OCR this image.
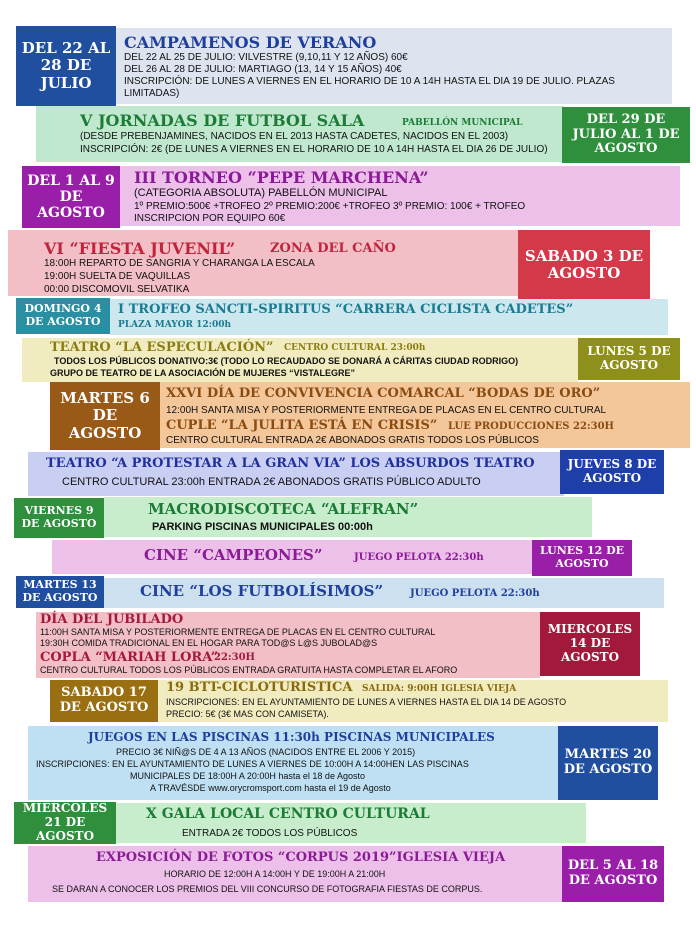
DEL 22 AL 28 DE JULIO
CAMPAMENOS DE VERANO
DEL 22 AL 25 DE JULIO: VILVESTRE (9,10,11 Y 12 AÑOS) 60€
DEL 26 AL 28 DE JULIO: MARTIAGO (13, 14 Y 15 AÑOS) 40€
INSCRIPCIÓN: DE LUNES A VIERNES EN EL HORARIO DE 10 A 14H HASTA EL DIA 19 DE JULIO. PLAZAS
LIMITADAS)
DEL 29 DE JULIO AL 1 DE AGOSTO
V JORNADAS DE FUTBOL SALA	PABELLÓN MUNICIPAL
(DESDE PREBENJAMINES, NACIDOS EN EL 2013 HASTA CADETES, NACIDOS EN EL 2003)
INSCRIPCIÓN: 2€ (DE LUNES A VIERNES EN EL HORARIO DE 10 A 14H HASTA EL DIA 26 DE JULIO)
DEL 1 AL 9 DE AGOSTO
III TORNEO “PEPE MARCHENA”
(CATEGORIA ABSOLUTA) PABELLÓN MUNICIPAL
1º PREMIO:500€ +TROFEO 2º PREMIO:200€ +TROFEO 3º PREMIO: 100€ + TROFEO
INSCRIPCION POR EQUIPO 60€
SABADO 3 DE AGOSTO
VI “FIESTA JUVENIL”	ZONA DEL CAÑO
18:00H REPARTO DE SANGRIA Y CHARANGA LA ESCALA
19:00H SUELTA DE VAQUILLAS
00:00 DISCOMOVIL SELVATIKA
DOMINGO 4 DE AGOSTO
I TROFEO SANCTI-SPIRITUS “CARRERA CICLISTA CADETES”
PLAZA MAYOR 12:00h
LUNES 5 DE AGOSTO
TEATRO “LA ESPECULACIÓN” CENTRO CULTURAL 23:00h
TODOS LOS PÚBLICOS DONATIVO:3€ (TODO LO RECAUDADO SE DONARÁ A CÁRITAS CIUDAD RODRIGO)
GRUPO DE TEATRO DE LA ASOCIACIÓN DE MUJERES “VISTALEGRE”
MARTES 6 DE AGOSTO
XXVI DÍA DE CONVIVENCIA COMARCAL “BODAS DE ORO”
12:00H SANTA MISA Y POSTERIORMENTE ENTREGA DE PLACAS EN EL CENTRO CULTURAL
CUPLE “LA JULITA ESTÁ EN CRISIS” LUE PRODUCCIONES 22:30H
CENTRO CULTURAL ENTRADA 2€ ABONADOS GRATIS TODOS LOS PÚBLICOS
JUEVES 8 DE AGOSTO
TEATRO “A PROTESTAR A LA GRAN VIA” LOS ABSURDOS TEATRO
CENTRO CULTURAL 23:00h ENTRADA 2€ ABONADOS GRATIS PÚBLICO ADULTO
VIERNES 9 DE AGOSTO
MACRODISCOTECA “ALEFRAN”
PARKING PISCINAS MUNICIPALES 00:00h
LUNES 12 DE AGOSTO
CINE “CAMPEONES”	JUEGO PELOTA 22:30h
MARTES 13 DE AGOSTO	CINE “LOS FUTBOLÍSIMOS”	JUEGO PELOTA 22:30h
MIERCOLES 14 DE AGOSTO
DÍA DEL JUBILADO
11:00H SANTA MISA Y POSTERIORMENTE ENTREGA DE PLACAS EN EL CENTRO CULTURAL
19:30H COMIDA TRADICIONAL EN EL HOGAR PARA TOD@S L@S JUBOLAD@S
COPLA “MARIAH LORA”
22:30H
CENTRO CULTURAL TODOS LOS PÚBLICOS ENTRADA GRATUITA HASTA COMPLETAR EL AFORO
SABADO 17 DE AGOSTO
19 BTT-CICLOTURISTICA SALIDA: 9:00H IGLESIA VIEJA
INSCRIPCIONES: EN EL AYUNTAMIENTO DE LUNES A VIERNES HASTA EL DIA 14 DE AGOSTO
PRECIO: 5€ (3€ MAS CON CAMISETA).
MARTES 20 DE AGOSTO
JUEGOS EN LAS PISCINAS 11:30h PISCINAS MUNICIPALES
PRECIO 3€ NIÑ@S DE 4 A 13 AÑOS (NACIDOS ENTRE EL 2006 Y 2015)
INSCRIPCIONES: EN EL AYUNTAMIENTO DE LUNES A VIERNES DE 10:00H A 14:00HEN LAS PISCINAS
MUNICIPALES DE 18:00H A 20:00H hasta el 18 de Agosto
A TRAVÉSDE www.orycromsport.com hasta el 19 de Agosto
MIERCOLES 21 DE AGOSTO
X GALA LOCAL CENTRO CULTURAL
ENTRADA 2€ TODOS LOS PÚBLICOS
DEL 5 AL 18 DE AGOSTO
EXPOSICIÓN DE FOTOS “CORPUS 2019”IGLESIA VIEJA
HORARIO DE 12:00H A 14:00H Y DE 19:00H A 21:00H
SE DARAN A CONOCER LOS PREMIOS DEL VIII CONCURSO DE FOTOGRAFIA FIESTAS DE CORPUS.
